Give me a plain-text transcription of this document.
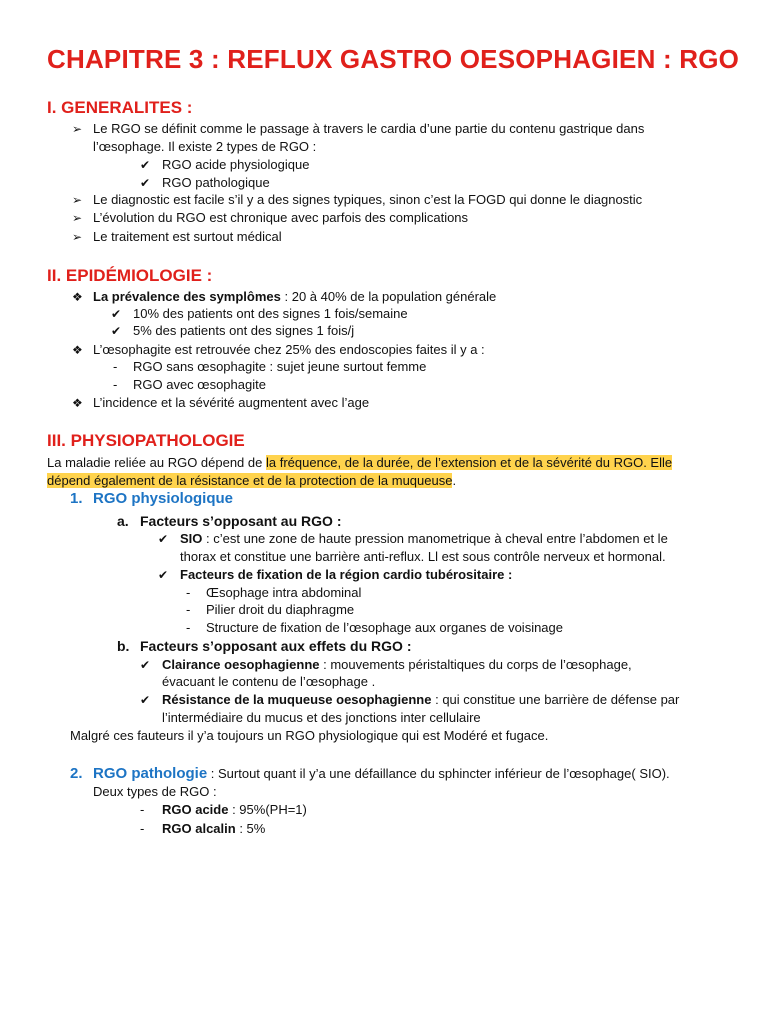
CHAPITRE 3 : REFLUX GASTRO OESOPHAGIEN : RGO
I. GENERALITES :
➢ Le RGO se définit comme le passage à travers le cardia d’une partie du contenu gastrique dans
l’œsophage. Il existe 2 types de RGO :
✔ RGO acide physiologique
✔ RGO pathologique
➢ Le diagnostic est facile s’il y a des signes typiques, sinon c’est la FOGD qui donne le diagnostic
➢ L’évolution du RGO est chronique avec parfois des complications
➢ Le traitement est surtout médical
II. EPIDÉMIOLOGIE :
❖ La prévalence des symplômes : 20 à 40% de la population générale
✔ 10% des patients ont des signes 1 fois/semaine
✔ 5% des patients ont des signes 1 fois/j
❖ L’œsophagite est retrouvée chez 25% des endoscopies faites il y a :
- RGO sans œsophagite : sujet jeune surtout femme
- RGO avec œsophagite
❖ L’incidence et la sévérité augmentent avec l’age
III. PHYSIOPATHOLOGIE
La maladie reliée au RGO dépend de la fréquence, de la durée, de l’extension et de la sévérité du RGO. Elle
dépend également de la résistance et de la protection de la muqueuse.
1. RGO physiologique
a. Facteurs s’opposant au RGO :
✔ SIO : c’est une zone de haute pression manometrique à cheval entre l’abdomen et le
thorax et constitue une barrière anti-reflux. Ll est sous contrôle nerveux et hormonal.
✔ Facteurs de fixation de la région cardio tubérositaire :
- Œsophage intra abdominal
- Pilier droit du diaphragme
- Structure de fixation de l’œsophage aux organes de voisinage
b. Facteurs s’opposant aux effets du RGO :
✔ Clairance oesophagienne : mouvements péristaltiques du corps de l’œsophage,
évacuant le contenu de l’œsophage .
✔ Résistance de la muqueuse oesophagienne : qui constitue une barrière de défense par
l’intermédiaire du mucus et des jonctions inter cellulaire
Malgré ces fauteurs il y’a toujours un RGO physiologique qui est Modéré et fugace.
2. RGO pathologie : Surtout quant il y’a une défaillance du sphincter inférieur de l’œsophage( SIO).
Deux types de RGO :
- RGO acide : 95%(PH=1)
- RGO alcalin : 5%
